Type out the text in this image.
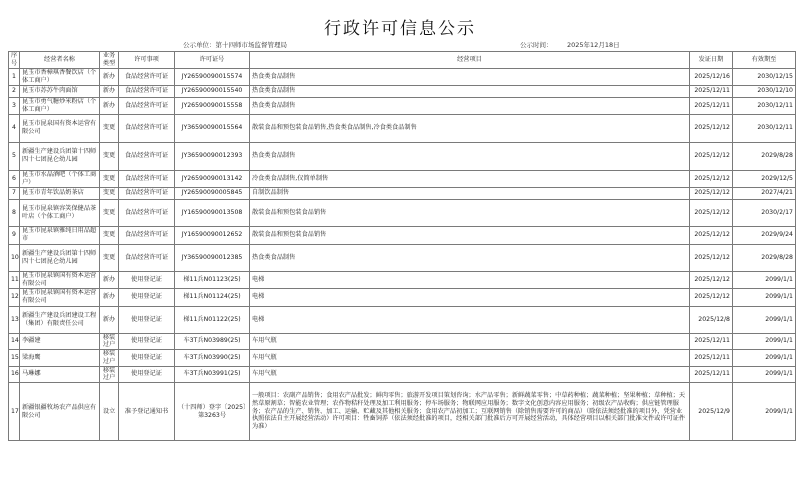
行政许可信息公示
公示单位：第十四师市场监督管理局	公示时间： 2025年12月18日
序号	经营者名称	业务类型	许可事项	许可证号	经营项目	发证日期	有效期至
1	昆玉市香樟琪香餐饮店（个体工商户）	新办	食品经营许可证	JY26590090015574	热食类食品制售	2025/12/16	2030/12/15
2	昆玉市苏苏牛肉面馆	新办	食品经营许可证	JY26590090015540	热食类食品制售	2025/12/11	2030/12/10
3	昆玉市勇气糖炒米粉店（个体工商户）	新办	食品经营许可证	JY26590090015558	热食类食品制售	2025/12/11	2030/12/11
4	昆玉市昆泉国有资本运营有限公司	变更	食品经营许可证	JY36590090015564	散装食品和预包装食品销售,热食类食品制售,冷食类食品制售	2025/12/12	2030/12/11
5	新疆生产建设兵团第十四师四十七团昆仑幼儿园	变更	食品经营许可证	JY36590090012393	热食类食品制售	2025/12/12	2029/8/28
6	昆玉市水晶酒吧（个体工商户）	变更	食品经营许可证	JY26590090013142	冷食类食品制售,仅简单制售	2025/12/12	2029/12/5
7	昆玉市青年饮品奶茶店	变更	食品经营许可证	JY26590090005845	自制饮品制售	2025/12/12	2027/4/21
8	昆玉市昆泉镇容笑保健品茶叶店（个体工商户）	变更	食品经营许可证	JY16590090013508	散装食品和预包装食品销售	2025/12/12	2030/2/17
9	昆玉市昆泉镇雅纯日用品超市	变更	食品经营许可证	JY16590090012652	散装食品和预包装食品销售	2025/12/12	2029/9/24
10	新疆生产建设兵团第十四师四十七团昆仑幼儿园	变更	食品经营许可证	JY36590090012385	热食类食品制售	2025/12/12	2029/8/28
11	昆玉市昆泉镇国有资本运营有限公司	新办	使用登记证	梯11兵N01123(25)	电梯	2025/12/12	2099/1/1
12	昆玉市昆泉镇国有资本运营有限公司	新办	使用登记证	梯11兵N01124(25)	电梯	2025/12/12	2099/1/1
13	新疆生产建设兵团建设工程（集团）有限责任公司	新办	使用登记证	梯11兵N01122(25)	电梯	2025/12/8	2099/1/1
14	李疆建	移装过户	使用登记证	车3T兵N03989(25)	车用气瓶	2025/12/11	2099/1/1
15	梁海鹰	移装过户	使用登记证	车3T兵N03990(25)	车用气瓶	2025/12/11	2099/1/1
16	马琳娜	移装过户	使用登记证	车3T兵N03991(25)	车用气瓶	2025/12/11	2099/1/1
17	新疆银疆牧场农产品供应有限公司	设立	准予登记通知书	（十四师）登字〔2025〕第3263号	一般项目：农副产品销售；食用农产品批发；鲜肉零售；旅游开发项目策划咨询；水产品零售；新鲜蔬菜零售；中草药种植；蔬菜种植；坚果种植；草种植；天然草原割草；智能农业管理；农作物秸秆处理及加工利用服务；停车场服务；物联网应用服务；数字文化创意内容应用服务；初级农产品收购；供应链管理服务；农产品的生产、销售、加工、运输、贮藏及其他相关服务；食用农产品初加工；互联网销售（除销售需要许可的商品）（除依法须经批准的项目外，凭营业执照依法自主开展经营活动）许可项目：牲畜饲养（依法须经批准的项目，经相关部门批准后方可开展经营活动，具体经营项目以相关部门批准文件或许可证件为准）	2025/12/9	2099/1/1
